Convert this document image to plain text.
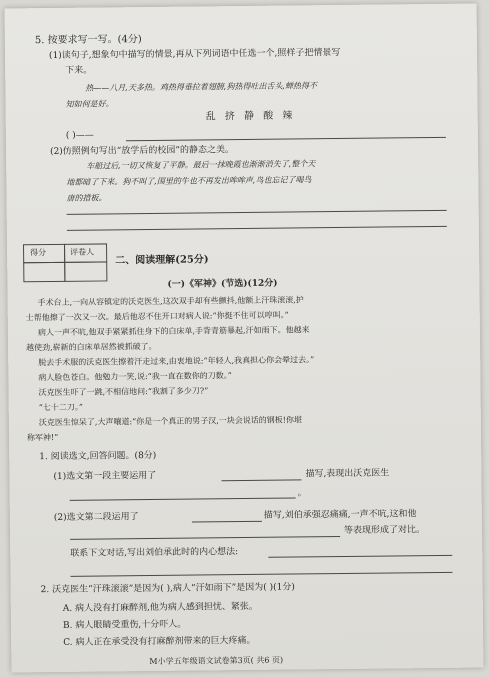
5. 按要求写一写。(4分)
(1)读句子,想象句中描写的情景,再从下列词语中任选一个,照样子把情景写
下来。
热——八月,天多热。鸡热得垂拉着翅膀,狗热得吐出舌头,蝉热得不
知如何是好。
乱 挤 静 酸 辣
( )——
(2)仿照例句写出“放学后的校园”的静态之美。
车船过后,一切又恢复了平静。最后一抹晚霞也渐渐消失了,整个天
地都暗了下来。狗不叫了,围里的牛也不再发出哞哞声,鸟也忘记了喝鸟
唐的措板。
得分	评卷人
二、阅读理解(25分)
(一)《军神》(节选)(12分)
手术台上,一向从容镇定的沃克医生,这次双手却有些颤抖,他额上汗珠滚滚,护
士帮他擦了一次又一次。最后他忍不住开口对病人说:“你挺不住可以哼叫。”
病人一声不吭,他双手紧紧抓住身下的白床单,手背青筋暴起,汗如雨下。他越来
越使劲,崭新的白床单居然被抓破了。
脱去手术服的沃克医生擦着汗走过来,由衷地说:“年轻人,我真担心你会晕过去。”
病人脸色苍白。他勉力一笑,说:“我一直在数你的刀数。”
沃克医生吓了一跳,不相信地问:“我割了多少刀?”
“七十二刀。”
沃克医生惊呆了,大声嚷道:“你是一个真正的男子汉,一块会说话的钢板!你堪
称军神!”
1. 阅读选文,回答问题。(8分)
(1)选文第一段主要运用了	描写,表现出沃克医生
。
(2)选文第二段运用了	描写,刘伯承强忍痛痛,一声不吭,这和他
等表现形成了对比。
联系下文对话,写出刘伯承此时的内心想法:
2. 沃克医生“汗珠滚滚”是因为( ),病人“汗如雨下”是因为( )(1分)
A. 病人没有打麻醉剂,他为病人感到担忧、紧张。
B. 病人眼睛受重伤,十分吓人。
C. 病人正在承受没有打麻醉剂带来的巨大疼痛。
M小学五年级语文试卷第3页( 共6 页)
